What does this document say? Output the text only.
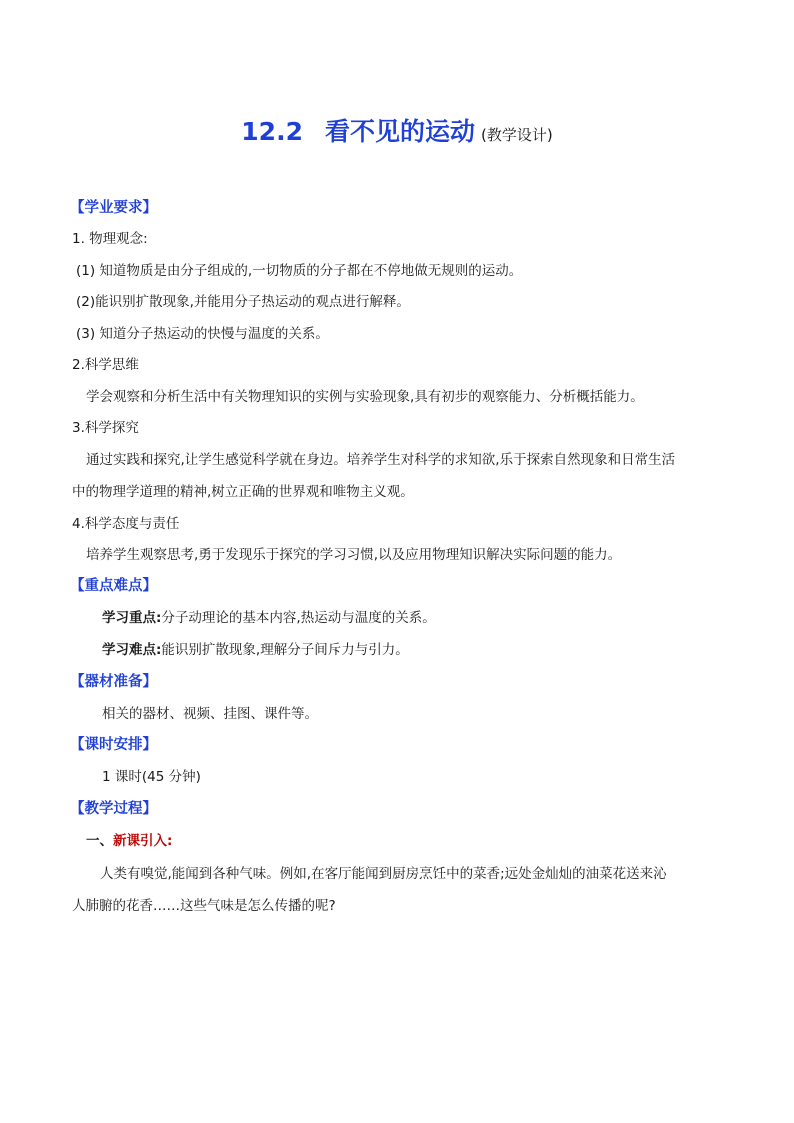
12.2 看不见的运动 (教学设计)
【学业要求】
1. 物理观念:
(1) 知道物质是由分子组成的,一切物质的分子都在不停地做无规则的运动。
(2)能识别扩散现象,并能用分子热运动的观点进行解释。
(3) 知道分子热运动的快慢与温度的关系。
2.科学思维
学会观察和分析生活中有关物理知识的实例与实验现象,具有初步的观察能力、分析概括能力。
3.科学探究
通过实践和探究,让学生感觉科学就在身边。培养学生对科学的求知欲,乐于探索自然现象和日常生活
中的物理学道理的精神,树立正确的世界观和唯物主义观。
4.科学态度与责任
培养学生观察思考,勇于发现乐于探究的学习习惯,以及应用物理知识解决实际问题的能力。
【重点难点】
学习重点:分子动理论的基本内容,热运动与温度的关系。
学习难点:能识别扩散现象,理解分子间斥力与引力。
【器材准备】
相关的器材、视频、挂图、课件等。
【课时安排】
1 课时(45 分钟)
【教学过程】
一、新课引入:
人类有嗅觉,能闻到各种气味。例如,在客厅能闻到厨房烹饪中的菜香;远处金灿灿的油菜花送来沁
人肺腑的花香……这些气味是怎么传播的呢?
